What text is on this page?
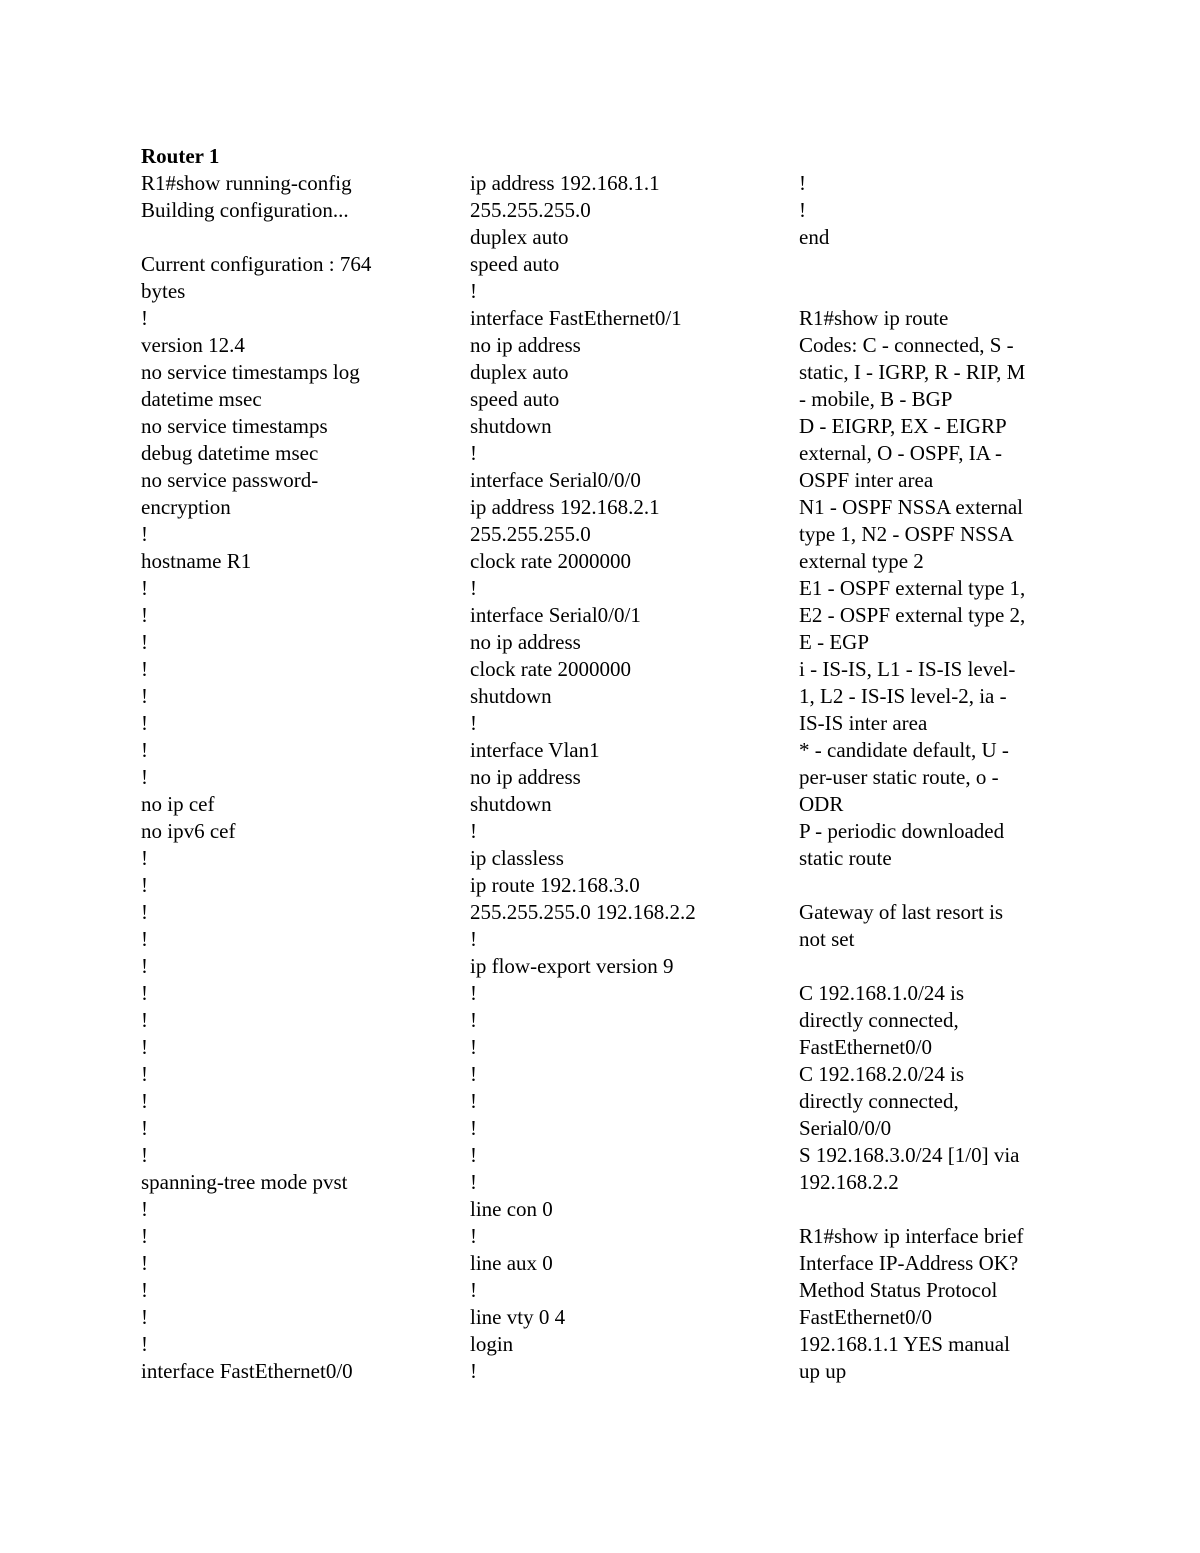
Router 1
R1#show running-config
Building configuration...
Current configuration : 764
bytes
!
version 12.4
no service timestamps log
datetime msec
no service timestamps
debug datetime msec
no service password-
encryption
!
hostname R1
!
!
!
!
!
!
!
!
no ip cef
no ipv6 cef
!
!
!
!
!
!
!
!
!
!
!
!
spanning-tree mode pvst
!
!
!
!
!
!
interface FastEthernet0/0
ip address 192.168.1.1
255.255.255.0
duplex auto
speed auto
!
interface FastEthernet0/1
no ip address
duplex auto
speed auto
shutdown
!
interface Serial0/0/0
ip address 192.168.2.1
255.255.255.0
clock rate 2000000
!
interface Serial0/0/1
no ip address
clock rate 2000000
shutdown
!
interface Vlan1
no ip address
shutdown
!
ip classless
ip route 192.168.3.0
255.255.255.0 192.168.2.2
!
ip flow-export version 9
!
!
!
!
!
!
!
!
line con 0
!
line aux 0
!
line vty 0 4
login
!
!
!
end
R1#show ip route
Codes: C - connected, S -
static, I - IGRP, R - RIP, M
- mobile, B - BGP
D - EIGRP, EX - EIGRP
external, O - OSPF, IA -
OSPF inter area
N1 - OSPF NSSA external
type 1, N2 - OSPF NSSA
external type 2
E1 - OSPF external type 1,
E2 - OSPF external type 2,
E - EGP
i - IS-IS, L1 - IS-IS level-
1, L2 - IS-IS level-2, ia -
IS-IS inter area
* - candidate default, U -
per-user static route, o -
ODR
P - periodic downloaded
static route
Gateway of last resort is
not set
C 192.168.1.0/24 is
directly connected,
FastEthernet0/0
C 192.168.2.0/24 is
directly connected,
Serial0/0/0
S 192.168.3.0/24 [1/0] via
192.168.2.2
R1#show ip interface brief
Interface IP-Address OK?
Method Status Protocol
FastEthernet0/0
192.168.1.1 YES manual
up up
